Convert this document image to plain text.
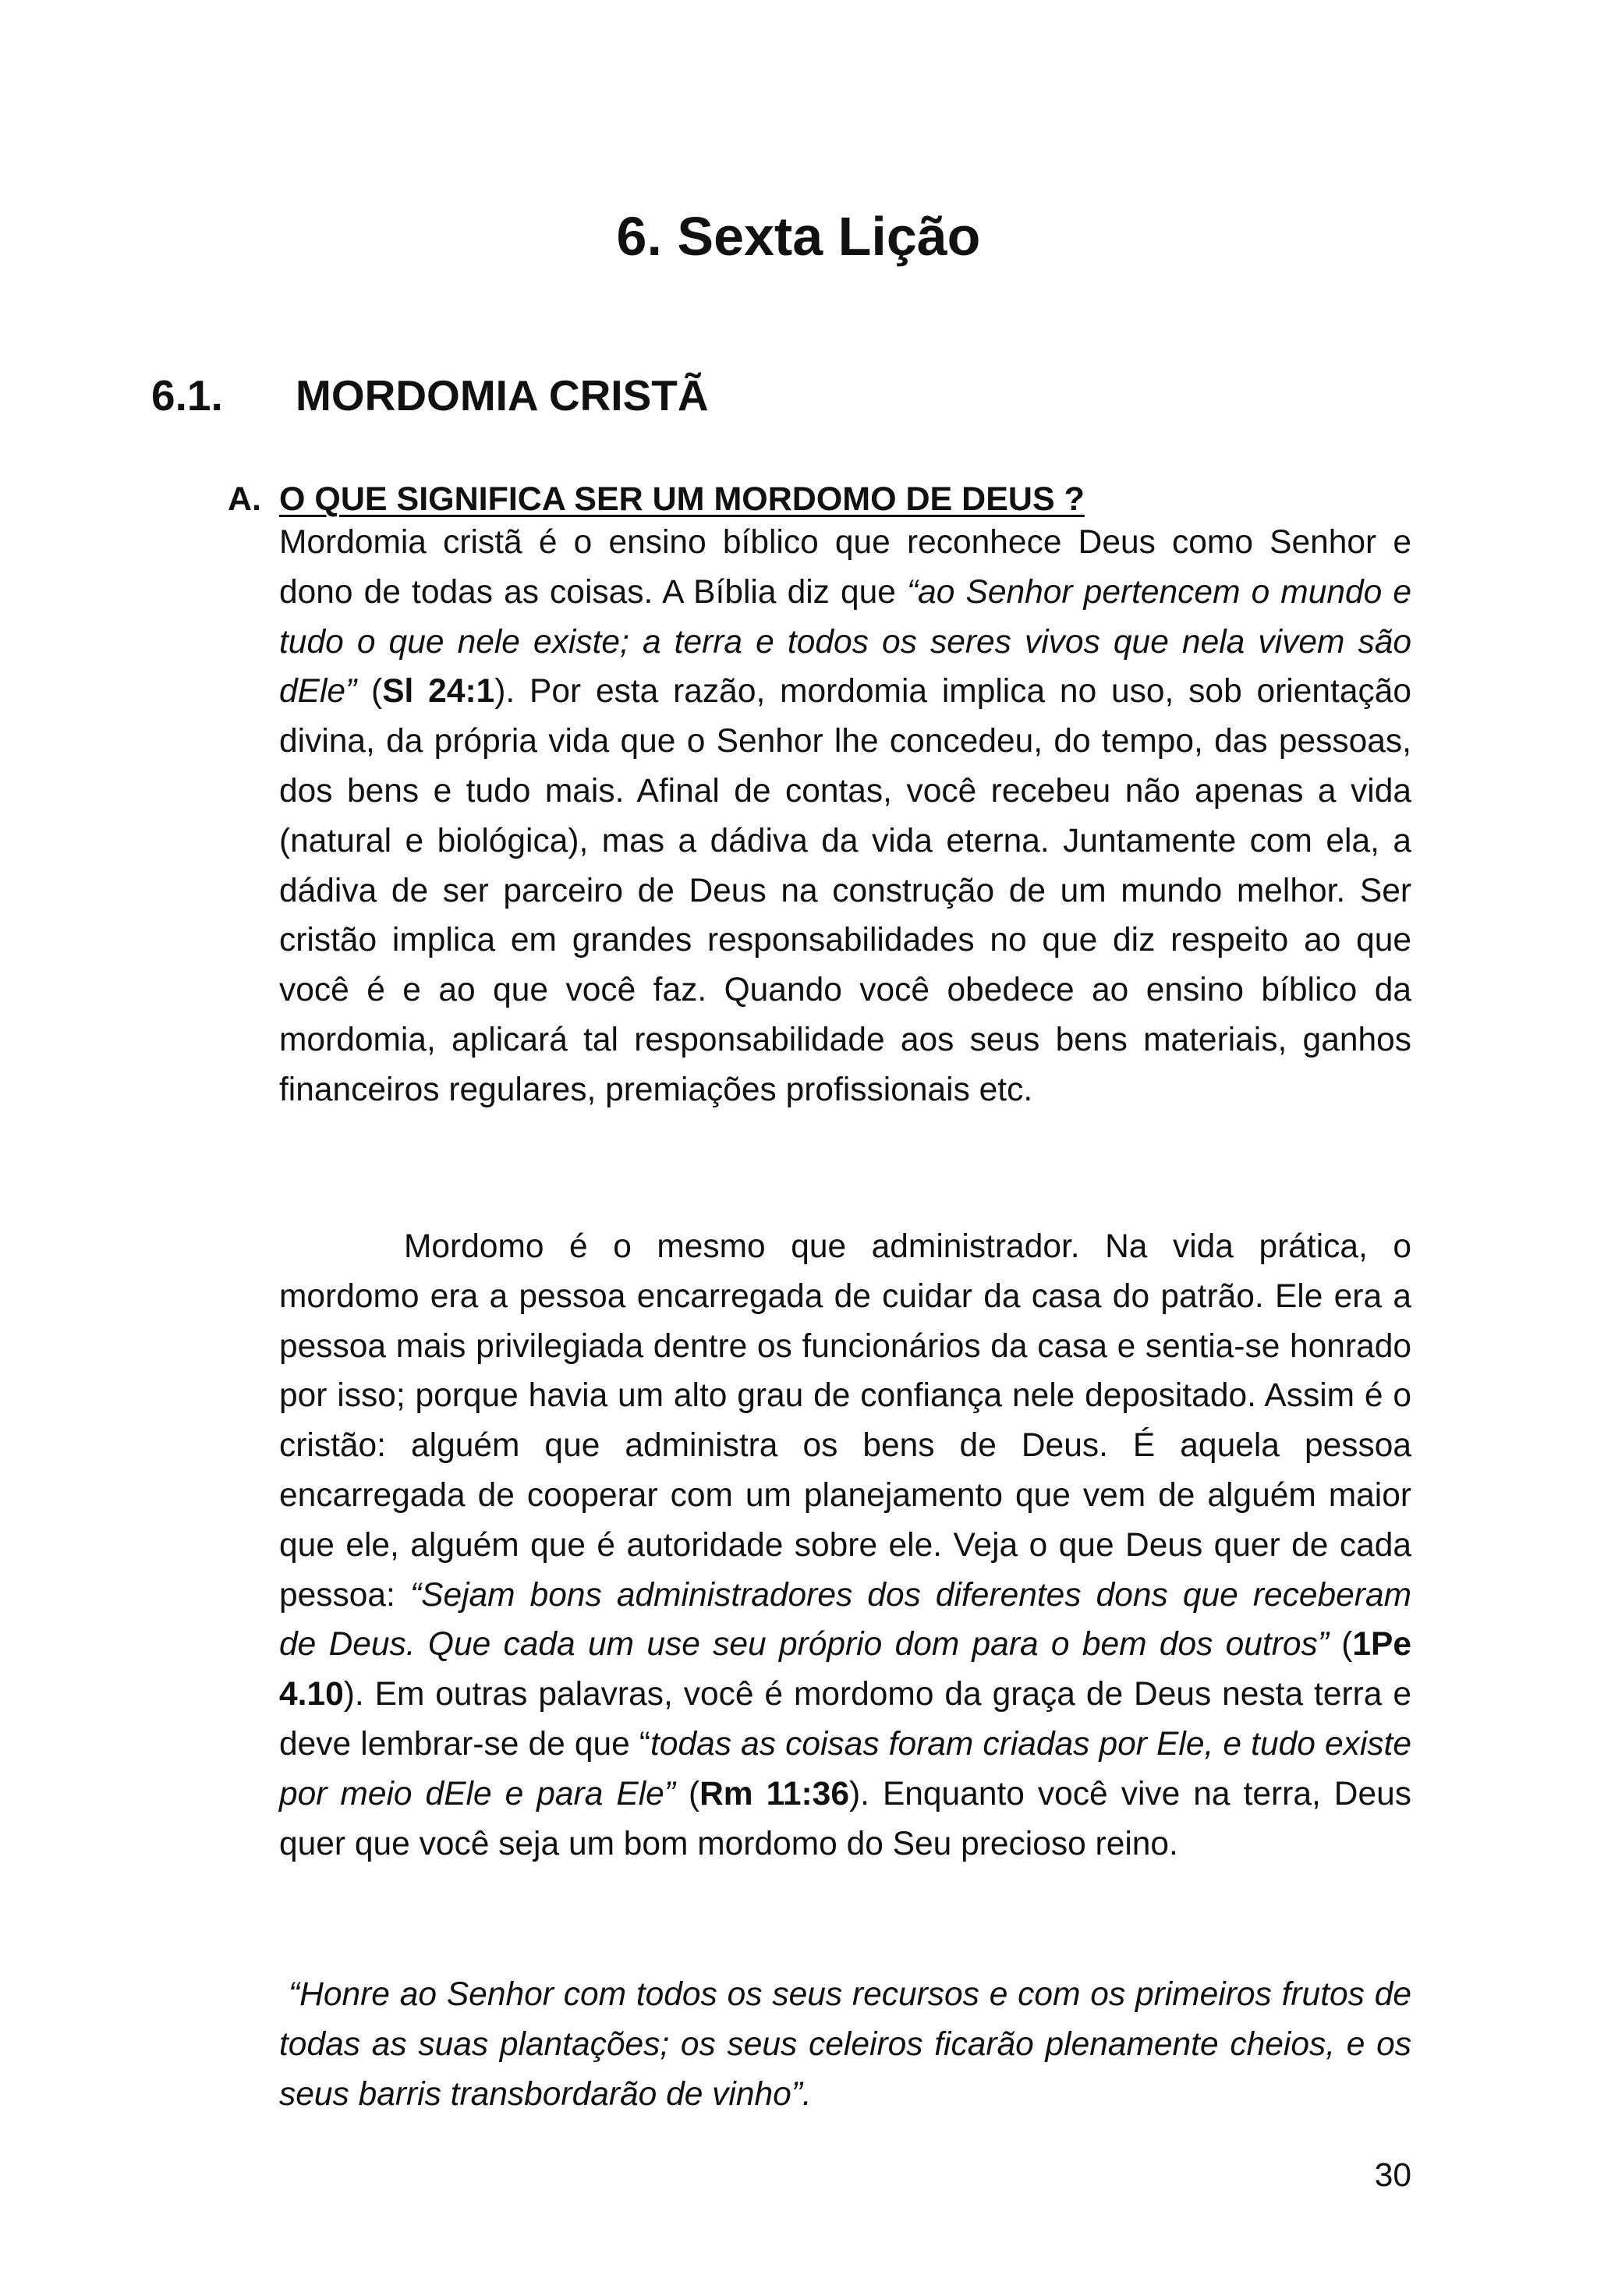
6. Sexta Lição
6.1. MORDOMIA CRISTÃ
A. O QUE SIGNIFICA SER UM MORDOMO DE DEUS ?

Mordomia cristã é o ensino bíblico que reconhece Deus como Senhor e dono de todas as coisas. A Bíblia diz que “ao Senhor pertencem o mundo e tudo o que nele existe; a terra e todos os seres vivos que nela vivem são dEle” (Sl 24:1). Por esta razão, mordomia implica no uso, sob orientação divina, da própria vida que o Senhor lhe concedeu, do tempo, das pessoas, dos bens e tudo mais. Afinal de contas, você recebeu não apenas a vida (natural e biológica), mas a dádiva da vida eterna. Juntamente com ela, a dádiva de ser parceiro de Deus na construção de um mundo melhor. Ser cristão implica em grandes responsabilidades no que diz respeito ao que você é e ao que você faz. Quando você obedece ao ensino bíblico da mordomia, aplicará tal responsabilidade aos seus bens materiais, ganhos financeiros regulares, premiações profissionais etc.

Mordomo é o mesmo que administrador. Na vida prática, o mordomo era a pessoa encarregada de cuidar da casa do patrão. Ele era a pessoa mais privilegiada dentre os funcionários da casa e sentia-se honrado por isso; porque havia um alto grau de confiança nele depositado. Assim é o cristão: alguém que administra os bens de Deus. É aquela pessoa encarregada de cooperar com um planejamento que vem de alguém maior que ele, alguém que é autoridade sobre ele. Veja o que Deus quer de cada pessoa: “Sejam bons administradores dos diferentes dons que receberam de Deus. Que cada um use seu próprio dom para o bem dos outros” (1Pe 4.10). Em outras palavras, você é mordomo da graça de Deus nesta terra e deve lembrar-se de que “todas as coisas foram criadas por Ele, e tudo existe por meio dEle e para Ele” (Rm 11:36). Enquanto você vive na terra, Deus quer que você seja um bom mordomo do Seu precioso reino.

“Honre ao Senhor com todos os seus recursos e com os primeiros frutos de todas as suas plantações; os seus celeiros ficarão plenamente cheios, e os seus barris transbordarão de vinho”.

30
